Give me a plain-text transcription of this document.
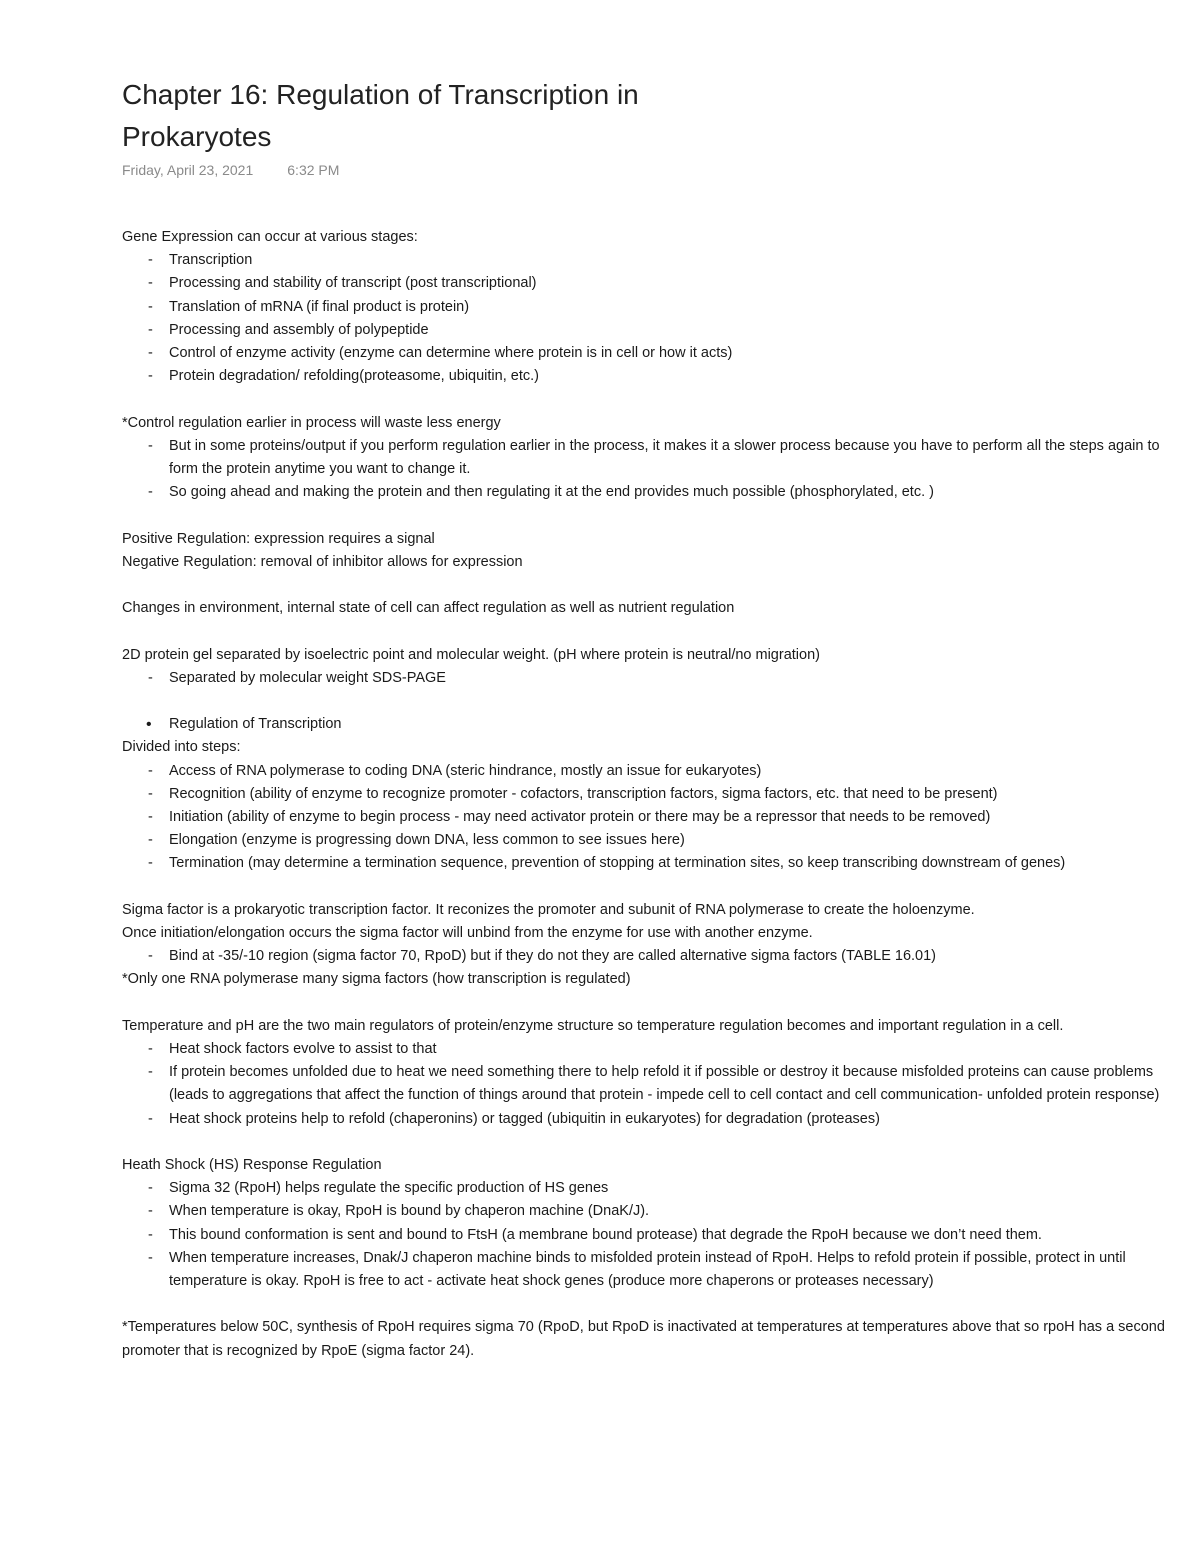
Chapter 16: Regulation of Transcription in Prokaryotes
Friday, April 23, 2021 6:32 PM

Gene Expression can occur at various stages:

- Transcription
- Processing and stability of transcript (post transcriptional)
- Translation of mRNA (if final product is protein)
- Processing and assembly of polypeptide
- Control of enzyme activity (enzyme can determine where protein is in cell or how it acts)
- Protein degradation/ refolding(proteasome, ubiquitin, etc.)

*Control regulation earlier in process will waste less energy

- But in some proteins/output if you perform regulation earlier in the process, it makes it a slower process because you have to perform all the steps again to form the protein anytime you want to change it.
- So going ahead and making the protein and then regulating it at the end provides much possible (phosphorylated, etc. )

Positive Regulation: expression requires a signal

Negative Regulation: removal of inhibitor allows for expression

Changes in environment, internal state of cell can affect regulation as well as nutrient regulation

2D protein gel separated by isoelectric point and molecular weight. (pH where protein is neutral/no migration)

- Separated by molecular weight SDS-PAGE
• Regulation of Transcription

Divided into steps:

- Access of RNA polymerase to coding DNA (steric hindrance, mostly an issue for eukaryotes)
- Recognition (ability of enzyme to recognize promoter - cofactors, transcription factors, sigma factors, etc. that need to be present)
- Initiation (ability of enzyme to begin process - may need activator protein or there may be a repressor that needs to be removed)
- Elongation (enzyme is progressing down DNA, less common to see issues here)
- Termination (may determine a termination sequence, prevention of stopping at termination sites, so keep transcribing downstream of genes)

Sigma factor is a prokaryotic transcription factor. It reconizes the promoter and subunit of RNA polymerase to create the holoenzyme.

Once initiation/elongation occurs the sigma factor will unbind from the enzyme for use with another enzyme.

- Bind at -35/-10 region (sigma factor 70, RpoD) but if they do not they are called alternative sigma factors (TABLE 16.01)

*Only one RNA polymerase many sigma factors (how transcription is regulated)

Temperature and pH are the two main regulators of protein/enzyme structure so temperature regulation becomes and important regulation in a cell.

- Heat shock factors evolve to assist to that
- If protein becomes unfolded due to heat we need something there to help refold it if possible or destroy it because misfolded proteins can cause problems (leads to aggregations that affect the function of things around that protein - impede cell to cell contact and cell communication- unfolded protein response)
- Heat shock proteins help to refold (chaperonins) or tagged (ubiquitin in eukaryotes) for degradation (proteases)

Heath Shock (HS) Response Regulation

- Sigma 32 (RpoH) helps regulate the specific production of HS genes
- When temperature is okay, RpoH is bound by chaperon machine (DnaK/J).
- This bound conformation is sent and bound to FtsH (a membrane bound protease) that degrade the RpoH because we don’t need them.
- When temperature increases, Dnak/J chaperon machine binds to misfolded protein instead of RpoH. Helps to refold protein if possible, protect in until temperature is okay. RpoH is free to act - activate heat shock genes (produce more chaperons or proteases necessary)

*Temperatures below 50C, synthesis of RpoH requires sigma 70 (RpoD, but RpoD is inactivated at temperatures at temperatures above that so rpoH has a second promoter that is recognized by RpoE (sigma factor 24).
